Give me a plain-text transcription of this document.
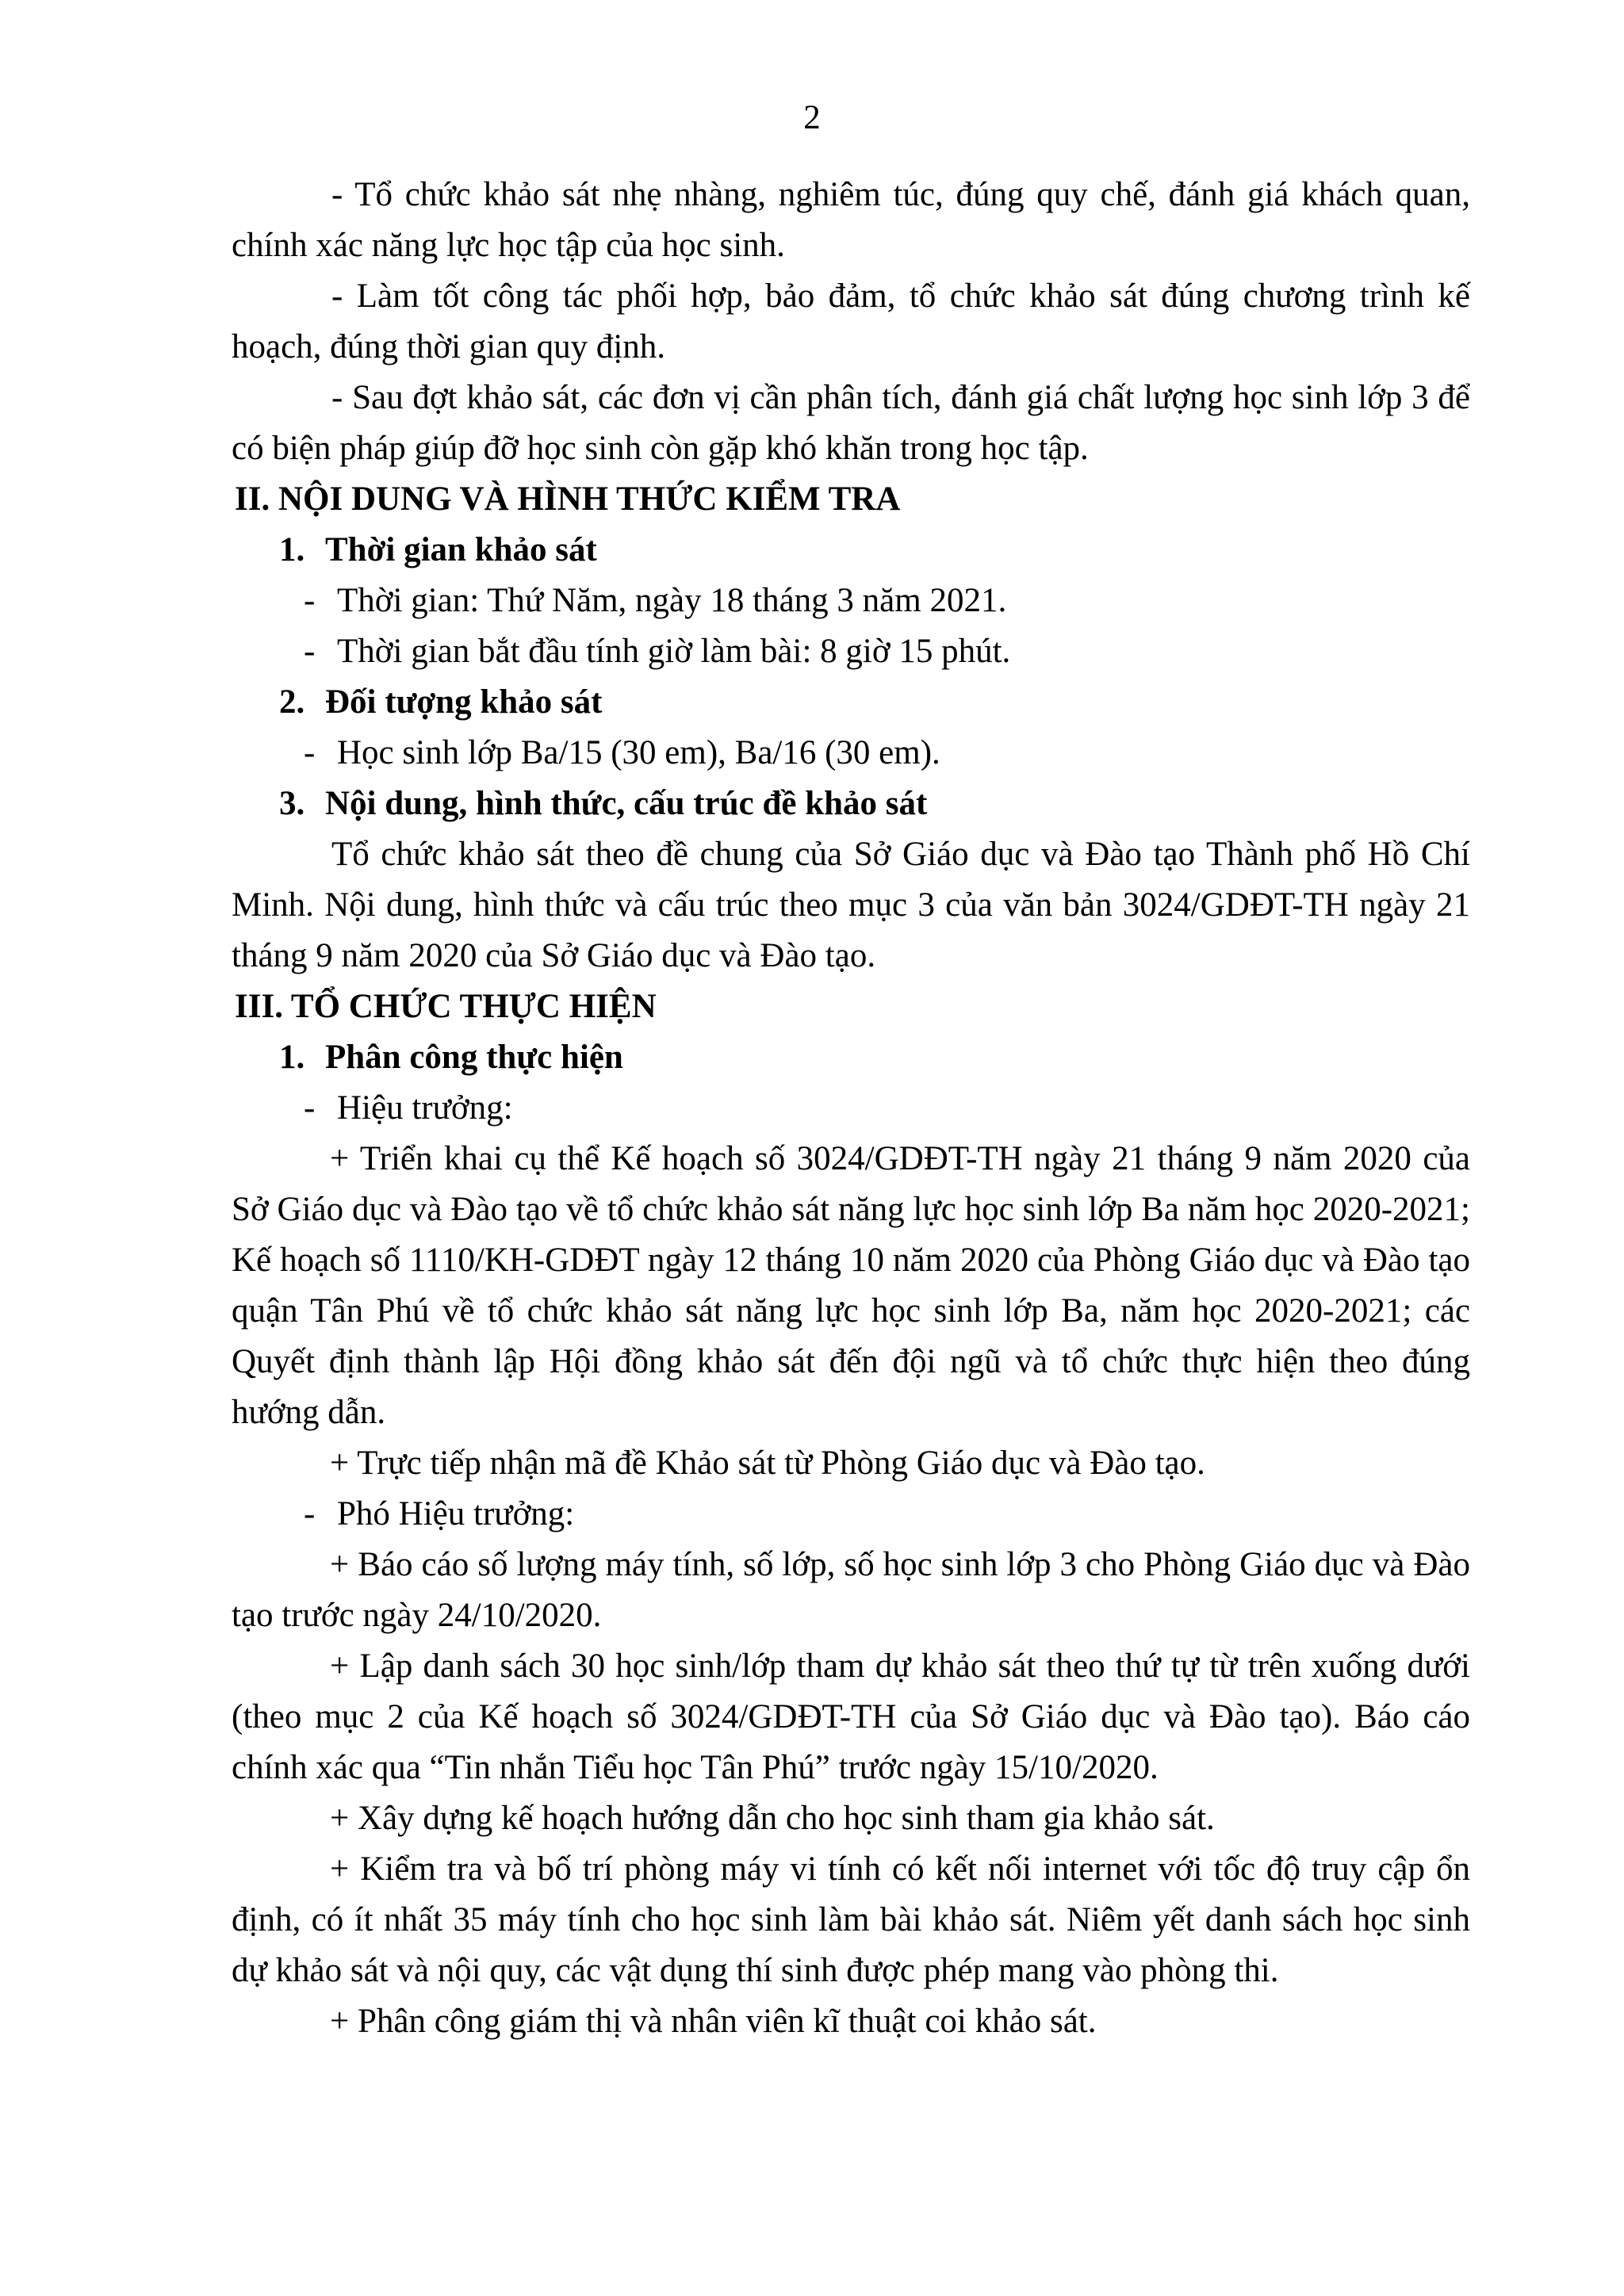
2

- Tổ chức khảo sát nhẹ nhàng, nghiêm túc, đúng quy chế, đánh giá khách quan, chính xác năng lực học tập của học sinh.

- Làm tốt công tác phối hợp, bảo đảm, tổ chức khảo sát đúng chương trình kế hoạch, đúng thời gian quy định.

- Sau đợt khảo sát, các đơn vị cần phân tích, đánh giá chất lượng học sinh lớp 3 để có biện pháp giúp đỡ học sinh còn gặp khó khăn trong học tập.

II. NỘI DUNG VÀ HÌNH THỨC KIỂM TRA

1. Thời gian khảo sát

- Thời gian: Thứ Năm, ngày 18 tháng 3 năm 2021.

- Thời gian bắt đầu tính giờ làm bài: 8 giờ 15 phút.

2. Đối tượng khảo sát

- Học sinh lớp Ba/15 (30 em), Ba/16 (30 em).

3. Nội dung, hình thức, cấu trúc đề khảo sát

Tổ chức khảo sát theo đề chung của Sở Giáo dục và Đào tạo Thành phố Hồ Chí Minh. Nội dung, hình thức và cấu trúc theo mục 3 của văn bản 3024/GDĐT-TH ngày 21 tháng 9 năm 2020 của Sở Giáo dục và Đào tạo.

III. TỔ CHỨC THỰC HIỆN

1. Phân công thực hiện

- Hiệu trưởng:

+ Triển khai cụ thể Kế hoạch số 3024/GDĐT-TH ngày 21 tháng 9 năm 2020 của Sở Giáo dục và Đào tạo về tổ chức khảo sát năng lực học sinh lớp Ba năm học 2020-2021; Kế hoạch số 1110/KH-GDĐT ngày 12 tháng 10 năm 2020 của Phòng Giáo dục và Đào tạo quận Tân Phú về tổ chức khảo sát năng lực học sinh lớp Ba, năm học 2020-2021; các Quyết định thành lập Hội đồng khảo sát đến đội ngũ và tổ chức thực hiện theo đúng hướng dẫn.

+ Trực tiếp nhận mã đề Khảo sát từ Phòng Giáo dục và Đào tạo.

- Phó Hiệu trưởng:

+ Báo cáo số lượng máy tính, số lớp, số học sinh lớp 3 cho Phòng Giáo dục và Đào tạo trước ngày 24/10/2020.

+ Lập danh sách 30 học sinh/lớp tham dự khảo sát theo thứ tự từ trên xuống dưới (theo mục 2 của Kế hoạch số 3024/GDĐT-TH của Sở Giáo dục và Đào tạo). Báo cáo chính xác qua “Tin nhắn Tiểu học Tân Phú” trước ngày 15/10/2020.

+ Xây dựng kế hoạch hướng dẫn cho học sinh tham gia khảo sát.

+ Kiểm tra và bố trí phòng máy vi tính có kết nối internet với tốc độ truy cập ổn định, có ít nhất 35 máy tính cho học sinh làm bài khảo sát. Niêm yết danh sách học sinh dự khảo sát và nội quy, các vật dụng thí sinh được phép mang vào phòng thi.

+ Phân công giám thị và nhân viên kĩ thuật coi khảo sát.
